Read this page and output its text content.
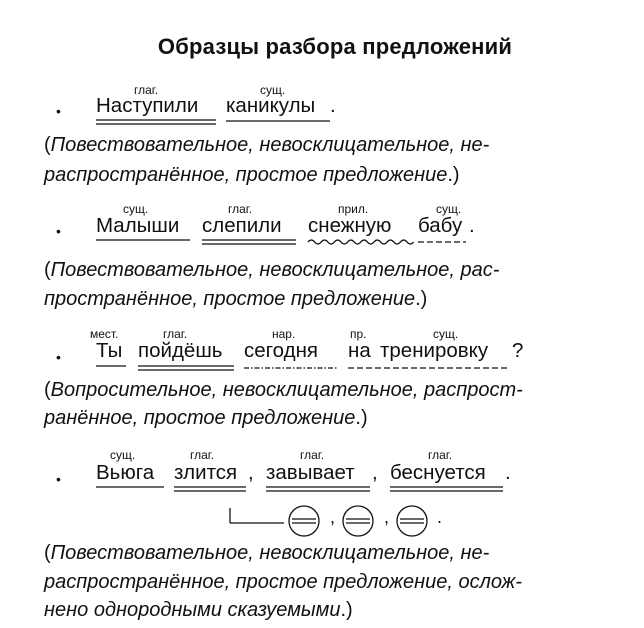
Образцы разбора предложений
глаг.	сущ.
• Наступили каникулы .
(Повествовательное, невосклицательное, не-
распространённое, простое предложение.)
сущ.	глаг.	прил.	сущ.
• Малыши слепили снежную бабу .
(Повествовательное, невосклицательное, рас-
пространённое, простое предложение.)
мест.	глаг.	нар.	пр.	сущ.
• Ты пойдёшь сегодня на тренировку ?
(Вопросительное, невосклицательное, распрост-
ранённое, простое предложение.)
сущ.	глаг.	глаг.	глаг.
• Вьюга злится , завывает , беснуется .
,	,	.
(Повествовательное, невосклицательное, не-
распространённое, простое предложение, ослож-
нено однородными сказуемыми.)
